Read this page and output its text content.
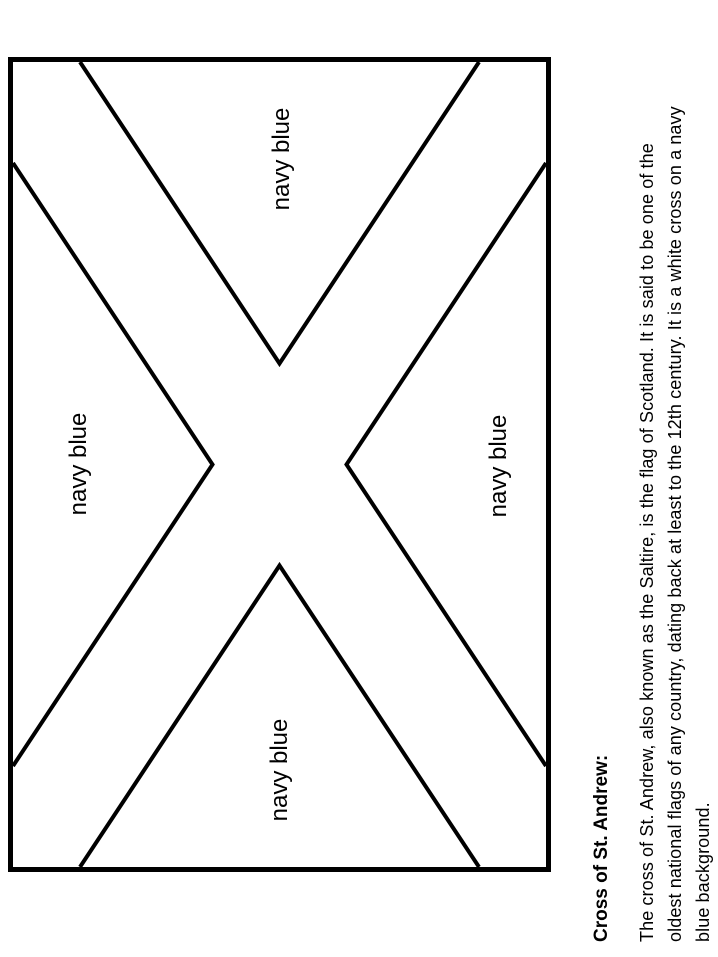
navy blue
navy blue
navy blue
navy blue
Cross of St. Andrew: The cross of St. Andrew, also known as the Saltire, is the flag of Scotland. It is said to be one of the oldest national flags of any country, dating back at least to the 12th century. It is a white cross on a navy blue background.
